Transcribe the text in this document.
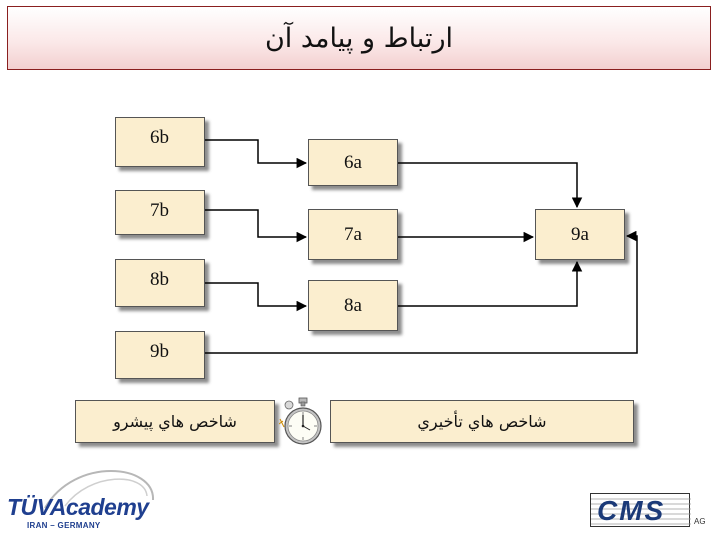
ارتباط و پيامد آن
6b
7b
8b
9b
6a
7a
8a
9a
شاخص هاي پيشرو	شاخص هاي تأخيري
TÜVAcademy
IRAN – GERMANY	CMS	AG
